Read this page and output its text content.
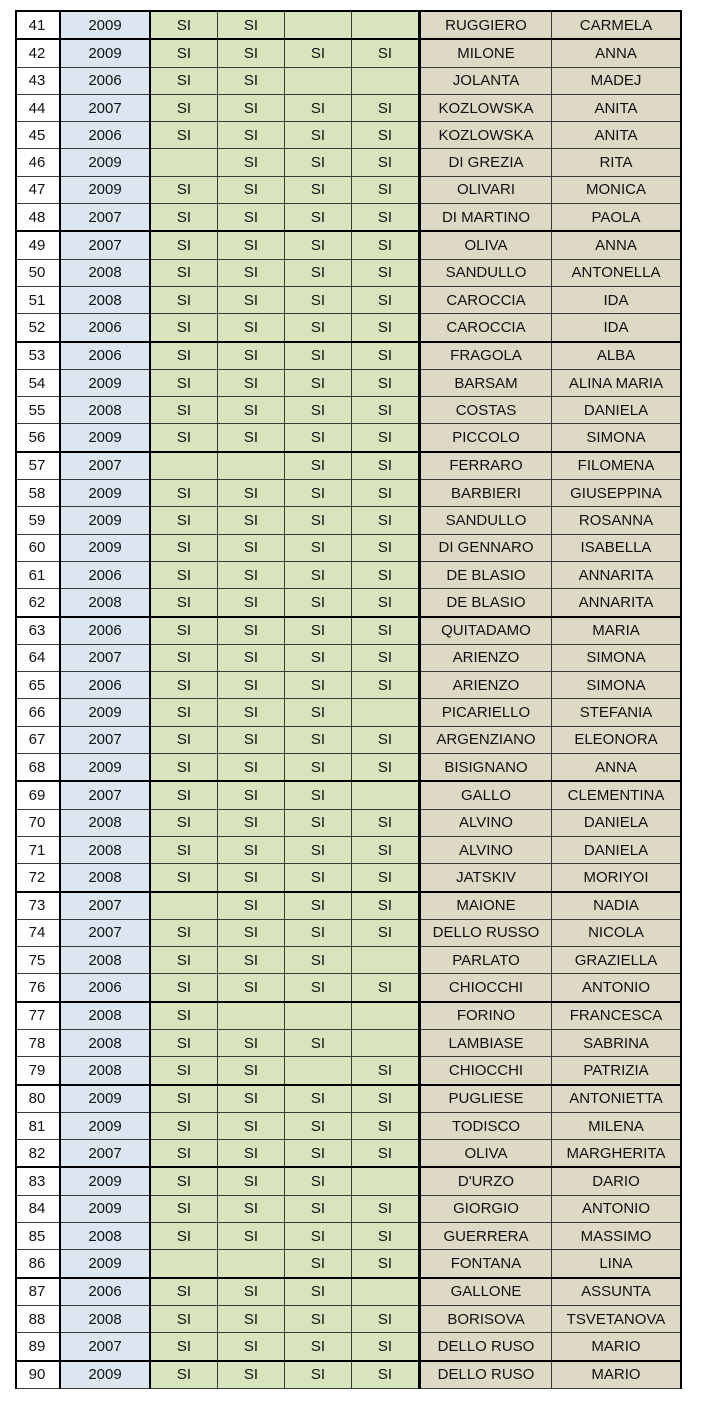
41	2009	SI	SI			RUGGIERO	CARMELA
42	2009	SI	SI	SI	SI	MILONE	ANNA
43	2006	SI	SI			JOLANTA	MADEJ
44	2007	SI	SI	SI	SI	KOZLOWSKA	ANITA
45	2006	SI	SI	SI	SI	KOZLOWSKA	ANITA
46	2009		SI	SI	SI	DI GREZIA	RITA
47	2009	SI	SI	SI	SI	OLIVARI	MONICA
48	2007	SI	SI	SI	SI	DI MARTINO	PAOLA
49	2007	SI	SI	SI	SI	OLIVA	ANNA
50	2008	SI	SI	SI	SI	SANDULLO	ANTONELLA
51	2008	SI	SI	SI	SI	CAROCCIA	IDA
52	2006	SI	SI	SI	SI	CAROCCIA	IDA
53	2006	SI	SI	SI	SI	FRAGOLA	ALBA
54	2009	SI	SI	SI	SI	BARSAM	ALINA MARIA
55	2008	SI	SI	SI	SI	COSTAS	DANIELA
56	2009	SI	SI	SI	SI	PICCOLO	SIMONA
57	2007			SI	SI	FERRARO	FILOMENA
58	2009	SI	SI	SI	SI	BARBIERI	GIUSEPPINA
59	2009	SI	SI	SI	SI	SANDULLO	ROSANNA
60	2009	SI	SI	SI	SI	DI GENNARO	ISABELLA
61	2006	SI	SI	SI	SI	DE BLASIO	ANNARITA
62	2008	SI	SI	SI	SI	DE BLASIO	ANNARITA
63	2006	SI	SI	SI	SI	QUITADAMO	MARIA
64	2007	SI	SI	SI	SI	ARIENZO	SIMONA
65	2006	SI	SI	SI	SI	ARIENZO	SIMONA
66	2009	SI	SI	SI		PICARIELLO	STEFANIA
67	2007	SI	SI	SI	SI	ARGENZIANO	ELEONORA
68	2009	SI	SI	SI	SI	BISIGNANO	ANNA
69	2007	SI	SI	SI		GALLO	CLEMENTINA
70	2008	SI	SI	SI	SI	ALVINO	DANIELA
71	2008	SI	SI	SI	SI	ALVINO	DANIELA
72	2008	SI	SI	SI	SI	JATSKIV	MORIYOI
73	2007		SI	SI	SI	MAIONE	NADIA
74	2007	SI	SI	SI	SI	DELLO RUSSO	NICOLA
75	2008	SI	SI	SI		PARLATO	GRAZIELLA
76	2006	SI	SI	SI	SI	CHIOCCHI	ANTONIO
77	2008	SI				FORINO	FRANCESCA
78	2008	SI	SI	SI		LAMBIASE	SABRINA
79	2008	SI	SI		SI	CHIOCCHI	PATRIZIA
80	2009	SI	SI	SI	SI	PUGLIESE	ANTONIETTA
81	2009	SI	SI	SI	SI	TODISCO	MILENA
82	2007	SI	SI	SI	SI	OLIVA	MARGHERITA
83	2009	SI	SI	SI		D'URZO	DARIO
84	2009	SI	SI	SI	SI	GIORGIO	ANTONIO
85	2008	SI	SI	SI	SI	GUERRERA	MASSIMO
86	2009			SI	SI	FONTANA	LINA
87	2006	SI	SI	SI		GALLONE	ASSUNTA
88	2008	SI	SI	SI	SI	BORISOVA	TSVETANOVA
89	2007	SI	SI	SI	SI	DELLO RUSO	MARIO
90	2009	SI	SI	SI	SI	DELLO RUSO	MARIO
